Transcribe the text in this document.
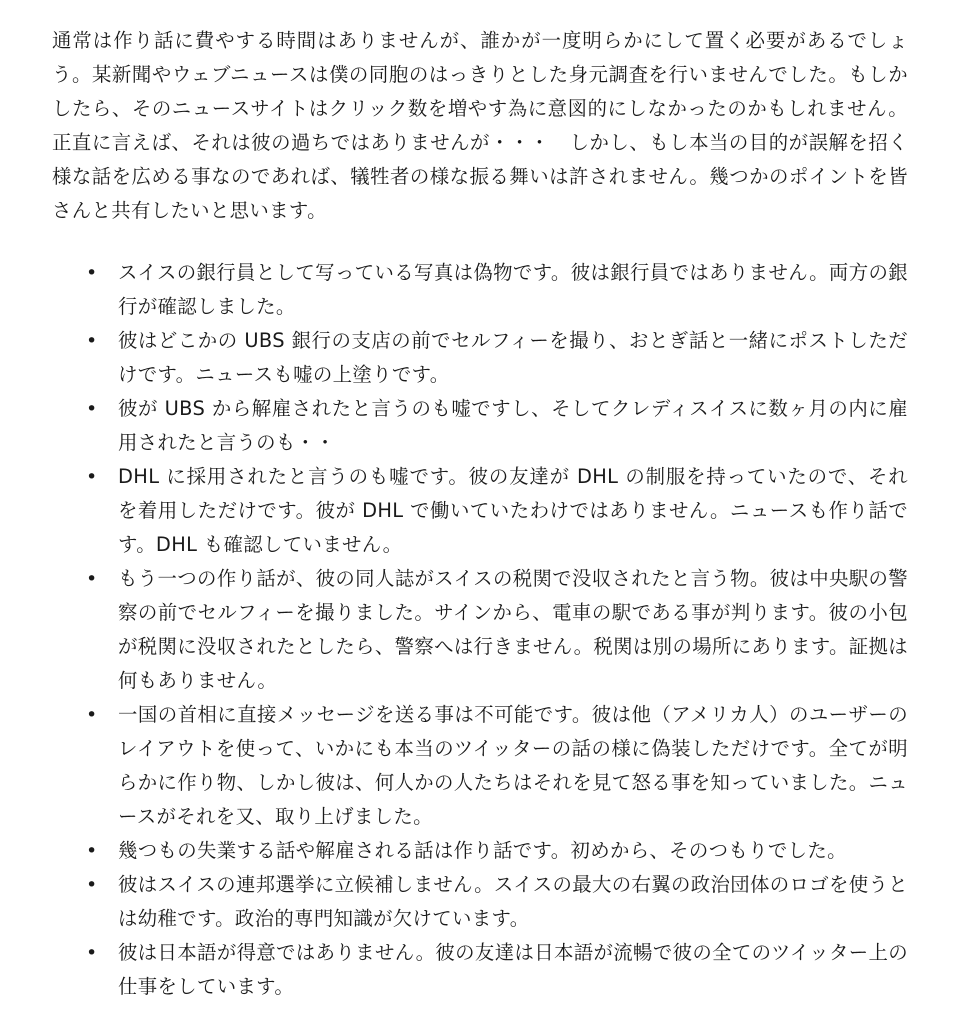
通常は作り話に費やする時間はありませんが、誰かが一度明らかにして置く必要があるでしょう。某新聞やウェブニュースは僕の同胞のはっきりとした身元調査を行いませんでした。もしかしたら、そのニュースサイトはクリック数を増やす為に意図的にしなかったのかもしれません。正直に言えば、それは彼の過ちではありませんが・・・　しかし、もし本当の目的が誤解を招く様な話を広める事なのであれば、犠牲者の様な振る舞いは許されません。幾つかのポイントを皆さんと共有したいと思います。

• スイスの銀行員として写っている写真は偽物です。彼は銀行員ではありません。両方の銀行が確認しました。
• 彼はどこかの UBS 銀行の支店の前でセルフィーを撮り、おとぎ話と一緒にポストしただけです。ニュースも嘘の上塗りです。
• 彼が UBS から解雇されたと言うのも嘘ですし、そしてクレディスイスに数ヶ月の内に雇用されたと言うのも・・
• DHL に採用されたと言うのも嘘です。彼の友達が DHL の制服を持っていたので、それを着用しただけです。彼が DHL で働いていたわけではありません。ニュースも作り話です。DHL も確認していません。
• もう一つの作り話が、彼の同人誌がスイスの税関で没収されたと言う物。彼は中央駅の警察の前でセルフィーを撮りました。サインから、電車の駅である事が判ります。彼の小包が税関に没収されたとしたら、警察へは行きません。税関は別の場所にあります。証拠は何もありません。
• 一国の首相に直接メッセージを送る事は不可能です。彼は他（アメリカ人）のユーザーのレイアウトを使って、いかにも本当のツイッターの話の様に偽装しただけです。全てが明らかに作り物、しかし彼は、何人かの人たちはそれを見て怒る事を知っていました。ニュースがそれを又、取り上げました。
• 幾つもの失業する話や解雇される話は作り話です。初めから、そのつもりでした。
• 彼はスイスの連邦選挙に立候補しません。スイスの最大の右翼の政治団体のロゴを使うとは幼稚です。政治的専門知識が欠けています。
• 彼は日本語が得意ではありません。彼の友達は日本語が流暢で彼の全てのツイッター上の仕事をしています。
